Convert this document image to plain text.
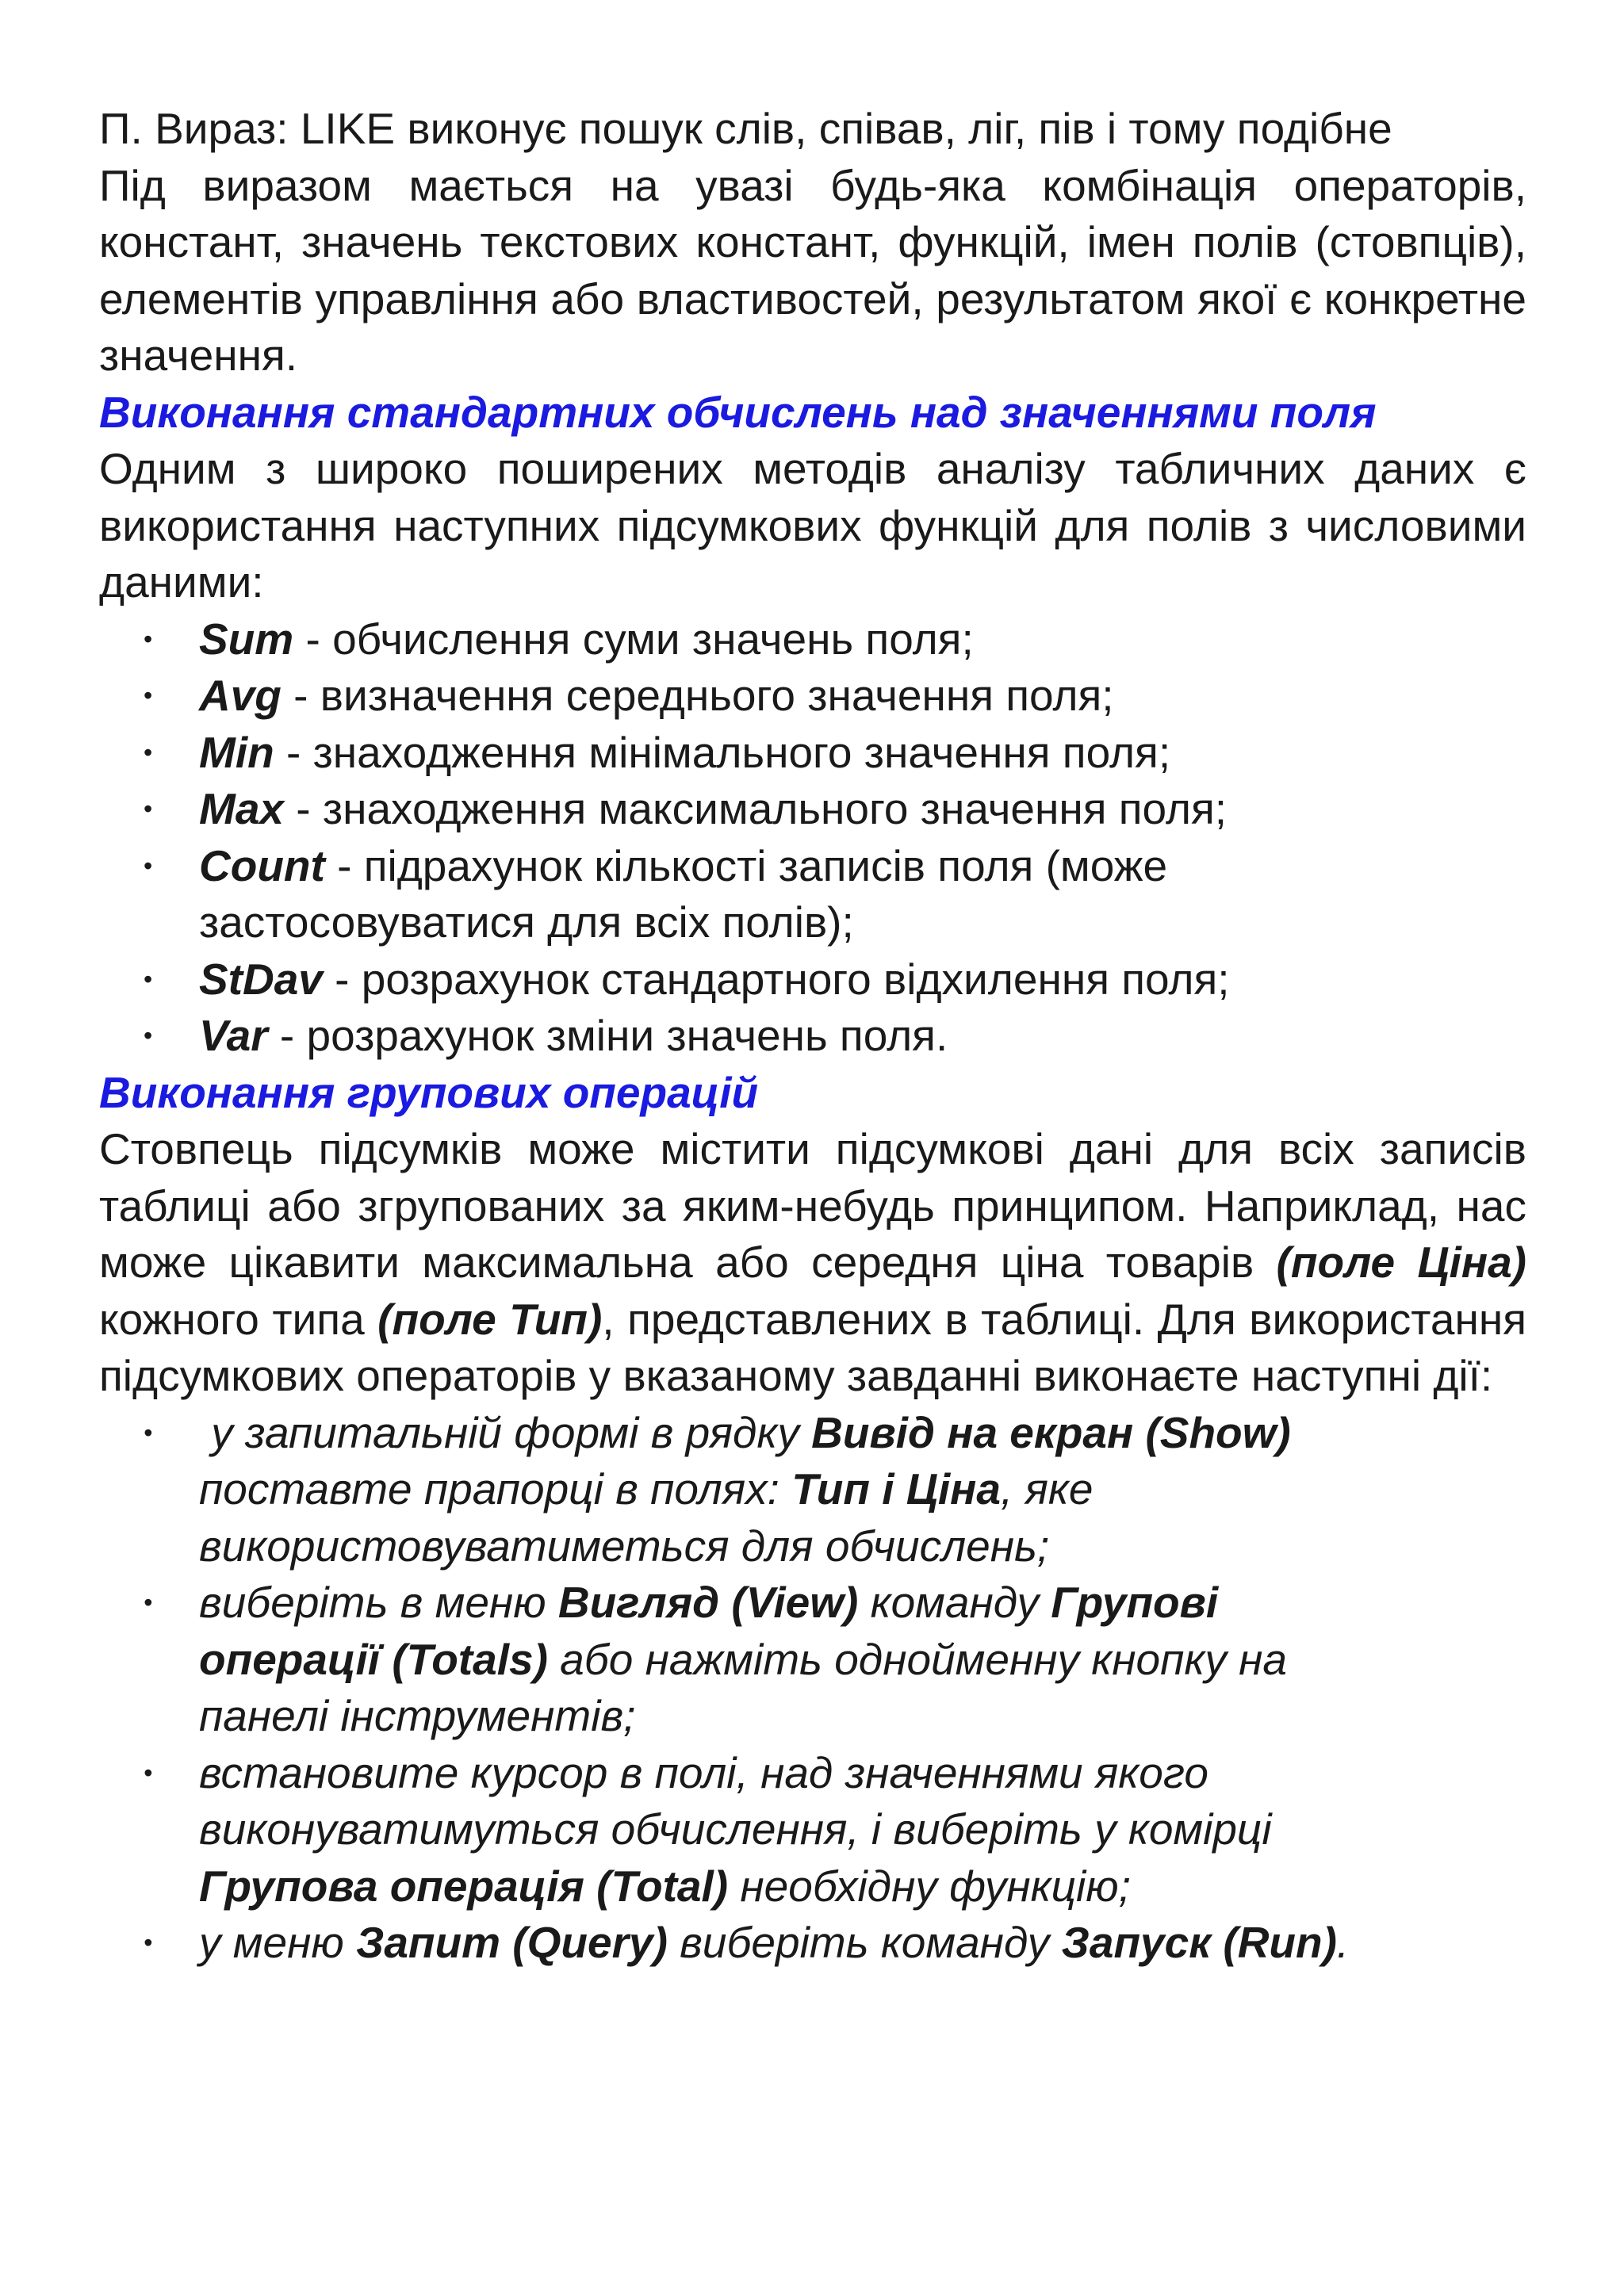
П. Вираз: LIKE виконує пошук слів, співав, ліг, пів і тому подібне

Під виразом мається на увазі будь-яка комбінація операторів, констант, значень текстових констант, функцій, імен полів (стовпців), елементів управління або властивостей, результатом якої є конкретне значення.

Виконання стандартних обчислень над значеннями поля

Одним з широко поширених методів аналізу табличних даних є використання наступних підсумкових функцій для полів з числовими даними:

•
Sum - обчислення суми значень поля;
•
Avg - визначення середнього значення поля;
•
Min - знаходження мінімального значення поля;
•
Max - знаходження максимального значення поля;
•
Count - підрахунок кількості записів поля (може застосовуватися для всіх полів);
•
StDav - розрахунок стандартного відхилення поля;
•
Var - розрахунок зміни значень поля.

Виконання групових операцій

Стовпець підсумків може містити підсумкові дані для всіх записів таблиці або згрупованих за яким-небудь принципом. Наприклад, нас може цікавити максимальна або середня ціна товарів (поле Ціна) кожного типа (поле Тип), представлених в таблиці. Для використання підсумкових операторів у вказаному завданні виконаєте наступні дії:

•
у запитальній формі в рядку Вивід на екран (Show) поставте прапорці в полях: Тип і Ціна, яке використовуватиметься для обчислень;
•
виберіть в меню Вигляд (View) команду Групові операції (Totals) або нажміть однойменну кнопку на панелі інструментів;
•
встановите курсор в полі, над значеннями якого виконуватимуться обчислення, і виберіть у комірці Групова операція (Total) необхідну функцію;
•
у меню Запит (Query) виберіть команду Запуск (Run).
